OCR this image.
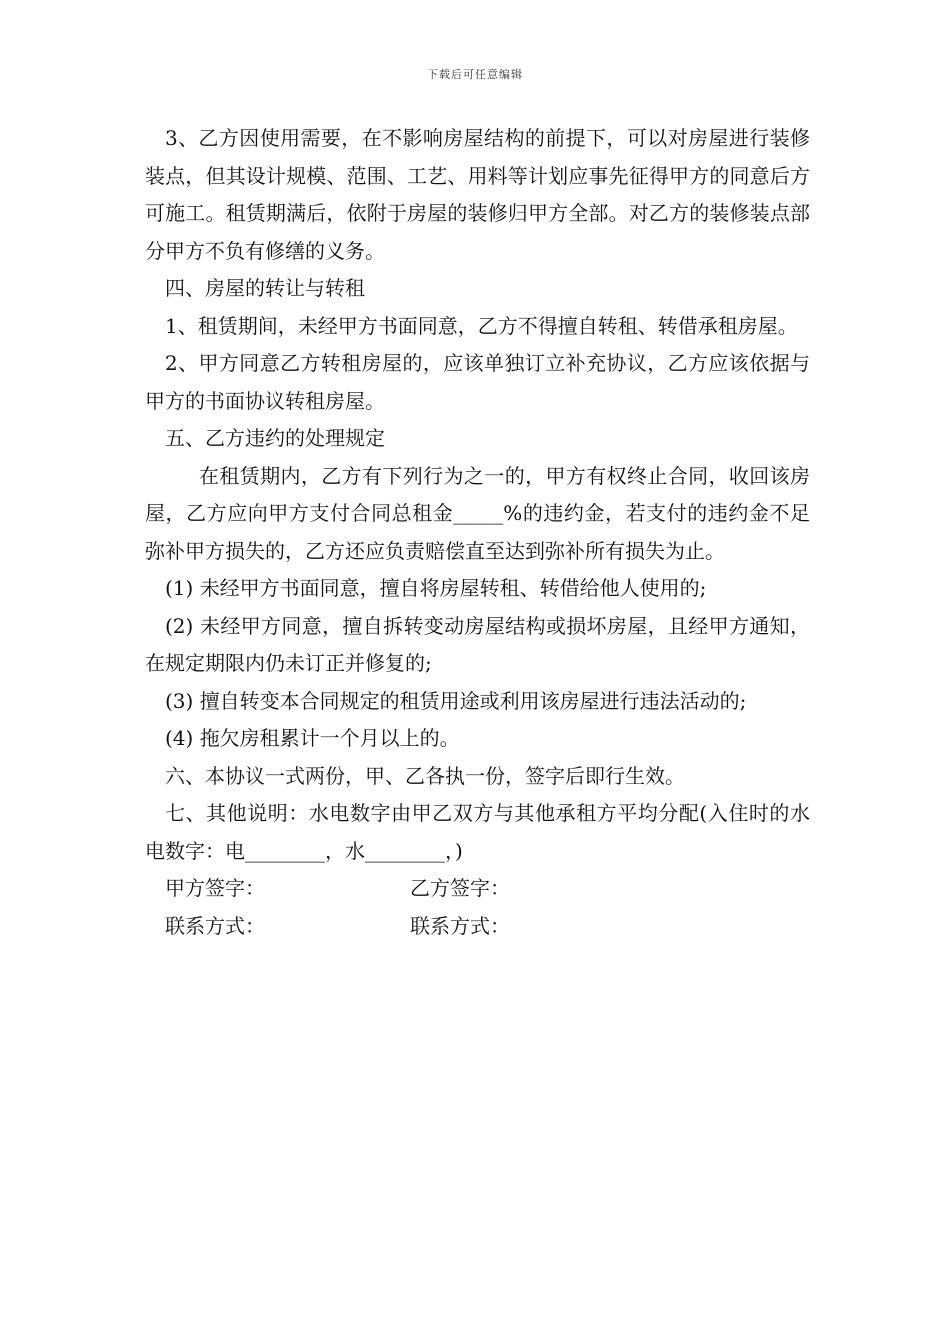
下载后可任意编辑

3、乙方因使用需要，在不影响房屋结构的前提下，可以对房屋进行装修装点，但其设计规模、范围、工艺、用料等计划应事先征得甲方的同意后方可施工。租赁期满后，依附于房屋的装修归甲方全部。对乙方的装修装点部分甲方不负有修缮的义务。

四、房屋的转让与转租

1、租赁期间，未经甲方书面同意，乙方不得擅自转租、转借承租房屋。

2、甲方同意乙方转租房屋的，应该单独订立补充协议，乙方应该依据与甲方的书面协议转租房屋。

五、乙方违约的处理规定

在租赁期内，乙方有下列行为之一的，甲方有权终止合同，收回该房屋，乙方应向甲方支付合同总租金_____%的违约金，若支付的违约金不足弥补甲方损失的，乙方还应负责赔偿直至达到弥补所有损失为止。

(1) 未经甲方书面同意，擅自将房屋转租、转借给他人使用的;

(2) 未经甲方同意，擅自拆转变动房屋结构或损坏房屋，且经甲方通知，在规定期限内仍未订正并修复的;

(3) 擅自转变本合同规定的租赁用途或利用该房屋进行违法活动的;

(4) 拖欠房租累计一个月以上的。

六、本协议一式两份，甲、乙各执一份，签字后即行生效。

七、其他说明：水电数字由甲乙双方与其他承租方平均分配(入住时的水电数字：电________，水________，)

甲方签字：	乙方签字：
联系方式：	联系方式：
